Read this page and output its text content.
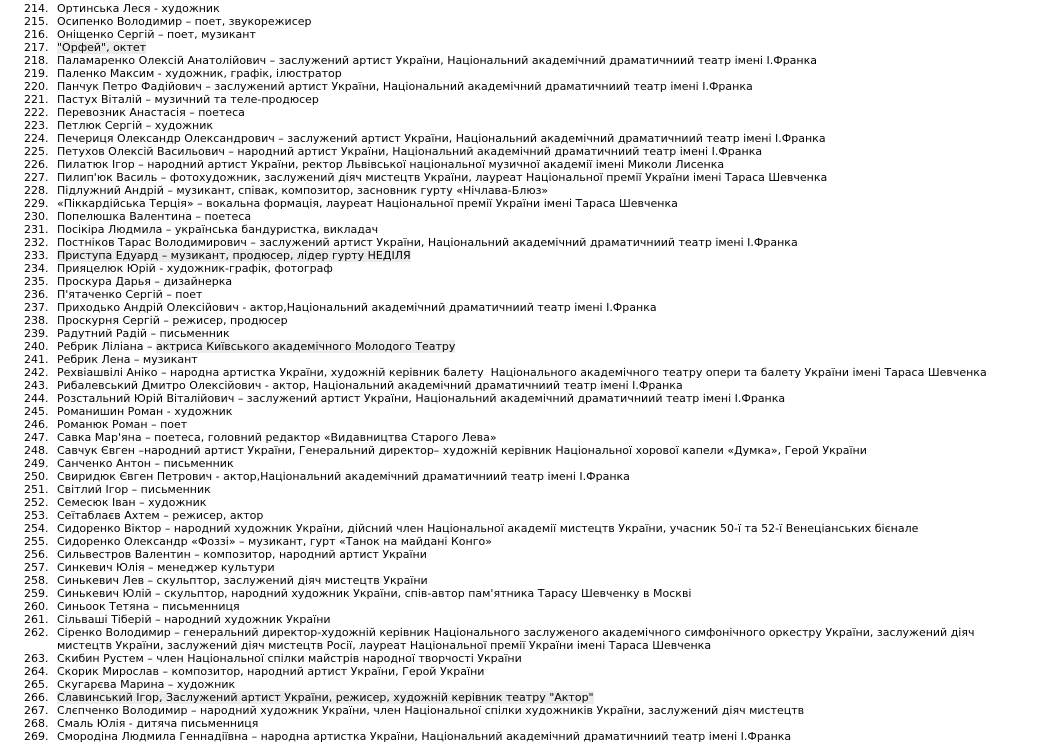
214. Ортинська Леся - художник
215. Осипенко Володимир – поет, звукорежисер
216. Оніщенко Сергій – поет, музикант
217. "Орфей", октет
218. Паламаренко Олексій Анатолійович – заслужений артист України, Національний академічний драматичниий театр імені І.Франка
219. Паленко Максим - художник, графік, ілюстратор
220. Панчук Петро Фадійович – заслужений артист України, Національний академічний драматичниий театр імені І.Франка
221. Пастух Віталій – музичний та теле-продюсер
222. Перевозник Анастасія – поетеса
223. Петлюк Сергій – художник
224. Печериця Олександр Олександрович – заслужений артист України, Національний академічний драматичниий театр імені І.Франка
225. Петухов Олексій Васильович – народний артист України, Національний академічний драматичниий театр імені І.Франка
226. Пилатюк Ігор – народний артист України, ректор Львівської національної музичної академії імені Миколи Лисенка
227. Пилип'юк Василь – фотохудожник, заслужений діяч мистецтв України, лауреат Національної премії України імені Тараса Шевченка
228. Підлужний Андрій – музикант, співак, композитор, засновник гурту «Нічлава-Блюз»
229. «Піккардійська Терція» – вокальна формація, лауреат Національної премії України імені Тараса Шевченка
230. Попелюшка Валентина – поетеса
231. Посікіра Людмила – українська бандуристка, викладач
232. Постніков Тарас Володимирович – заслужений артист України, Національний академічний драматичниий театр імені І.Франка
233. Приступа Едуард – музикант, продюсер, лідер гурту НЕДІЛЯ
234. Прияцелюк Юрій - художник-графік, фотограф
235. Проскура Дарья – дизайнерка
236. П'ятаченко Сергій – поет
237. Приходько Андрій Олексійович - актор,Національний академічний драматичниий театр імені І.Франка
238. Проскурня Сергій – режисер, продюсер
239. Радутний Радій – письменник
240. Ребрик Ліліана – актриса Київського академічного Молодого Театру
241. Ребрик Лена – музикант
242. Рехвіашвілі Аніко – народна артистка України, художній керівник балету  Національного академічного театру опери та балету України імені Тараса Шевченка
243. Рибалевський Дмитро Олексійович - актор, Національний академічний драматичниий театр імені І.Франка
244. Розстальний Юрій Віталійович – заслужений артист України, Національний академічний драматичниий театр імені І.Франка
245. Романишин Роман - художник
246. Романюк Роман – поет
247. Савка Мар'яна – поетеса, головний редактор «Видавництва Старого Лева»
248. Савчук Євген –народний артист України, Генеральний директор– художній керівник Національної хорової капели «Думка», Герой України
249. Санченко Антон – письменник
250. Свиридюк Євген Петрович - актор,Національний академічний драматичниий театр імені І.Франка
251. Світлий Ігор – письменник
252. Семесюк Іван – художник
253. Сеїтаблаєв Ахтем – режисер, актор
254. Сидоренко Віктор – народний художник України, дійсний член Національної академії мистецтв України, учасник 50-ї та 52-ї Венеціанських бієнале
255. Сидоренко Олександр «Фоззі» – музикант, гурт «Танок на майдані Конго»
256. Сильвестров Валентин – композитор, народний артист України
257. Синкевич Юлія – менеджер культури
258. Синькевич Лев – скульптор, заслужений діяч мистецтв України
259. Синькевич Юлій – скульптор, народний художник України, спів-автор пам'ятника Тарасу Шевченку в Москві
260. Синьоок Тетяна – письменниця
261. Сільваші Тіберій – народний художник України
262. Сіренко Володимир – генеральний директор-художній керівник Національного заслуженого академічного симфонічного оркестру України, заслужений діяч мистецтв України, заслужений діяч мистецтв Росії, лауреат Національної премії України імені Тараса Шевченка
263. Скибин Рустем – член Національної спілки майстрів народної творчості України
264. Скорик Мирослав – композитор, народний артист України, Герой України
265. Скугарєва Марина – художник
266. Славинський Ігор, Заслужений артист України, режисер, художній керівник театру "Актор"
267. Слєпченко Володимир – народний художник України, член Національної спілки художників України, заслужений діяч мистецтв
268. Смаль Юлія - дитяча письменниця
269. Смородіна Людмила Геннадіївна – народна артистка України, Національний академічний драматичниий театр імені І.Франка
